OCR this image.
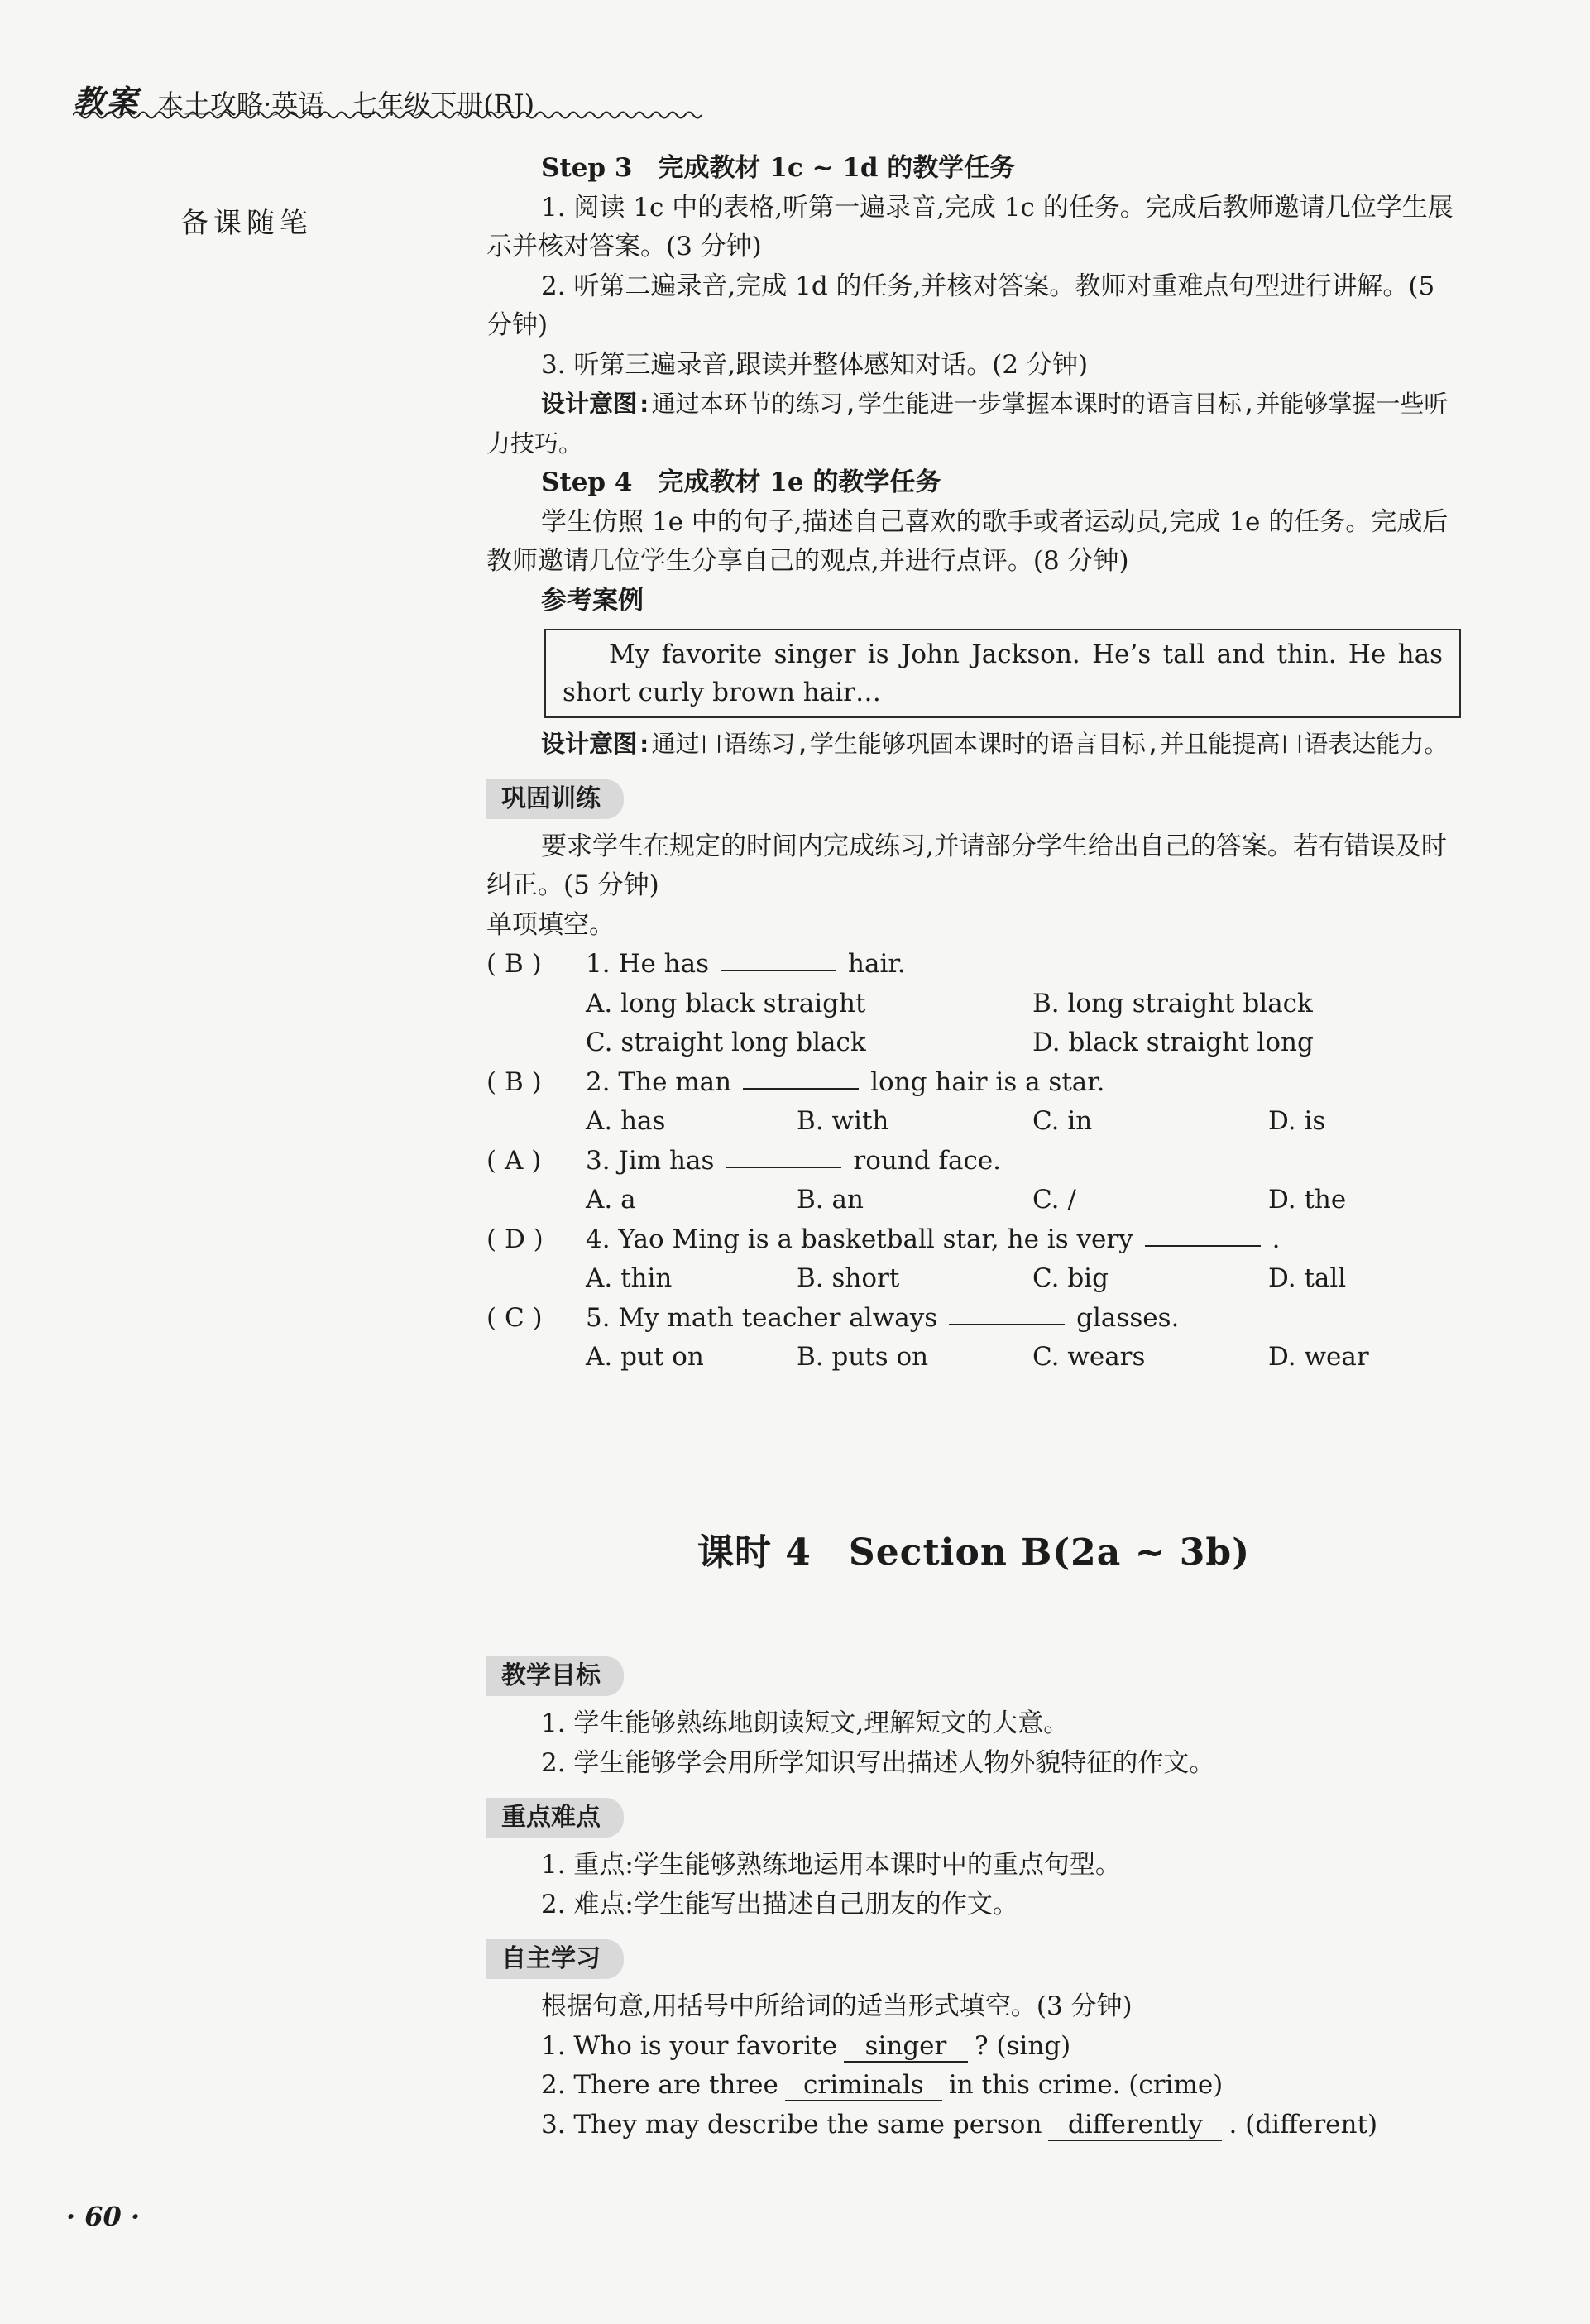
教案 本土攻略·英语　七年级下册(RJ)
备课随笔

Step 3　完成教材 1c ~ 1d 的教学任务

1. 阅读 1c 中的表格,听第一遍录音,完成 1c 的任务。完成后教师邀请几位学生展示并核对答案。(3 分钟)

2. 听第二遍录音,完成 1d 的任务,并核对答案。教师对重难点句型进行讲解。(5 分钟)

3. 听第三遍录音,跟读并整体感知对话。(2 分钟)

设计意图:通过本环节的练习,学生能进一步掌握本课时的语言目标,并能够掌握一些听力技巧。

Step 4　完成教材 1e 的教学任务

学生仿照 1e 中的句子,描述自己喜欢的歌手或者运动员,完成 1e 的任务。完成后教师邀请几位学生分享自己的观点,并进行点评。(8 分钟)

参考案例

My favorite singer is John Jackson. He’s tall and thin. He has short curly brown hair…

设计意图:通过口语练习,学生能够巩固本课时的语言目标,并且能提高口语表达能力。

巩固训练

要求学生在规定的时间内完成练习,并请部分学生给出自己的答案。若有错误及时纠正。(5 分钟)

单项填空。

( B )	1. He has	hair.
A. long black straight	B. long straight black
C. straight long black	D. black straight long
( B )	2. The man	long hair is a star.
A. has	B. with	C. in	D. is
( A )	3. Jim has	round face.
A. a	B. an	C. /	D. the
( D )	4. Yao Ming is a basketball star, he is very	.
A. thin	B. short	C. big	D. tall
( C )	5. My math teacher always	glasses.
A. put on	B. puts on	C. wears	D. wear
课时 4　Section B(2a ~ 3b)
教学目标

1. 学生能够熟练地朗读短文,理解短文的大意。

2. 学生能够学会用所学知识写出描述人物外貌特征的作文。

重点难点

1. 重点:学生能够熟练地运用本课时中的重点句型。

2. 难点:学生能写出描述自己朋友的作文。

自主学习

根据句意,用括号中所给词的适当形式填空。(3 分钟)

1. Who is your favorite singer ? (sing)

2. There are three criminals in this crime. (crime)

3. They may describe the same person differently . (different)

· 60 ·
